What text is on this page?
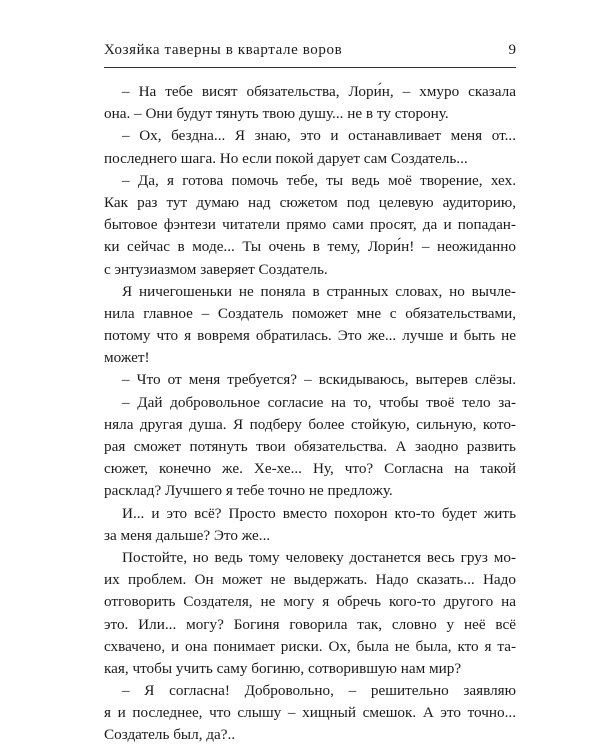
Хозяйка таверны в квартале воров	9
– На тебе висят обязательства, Лори́н, – хмуро сказала
она. – Они будут тянуть твою душу... не в ту сторону.
– Ох, бездна... Я знаю, это и останавливает меня от...
последнего шага. Но если покой дарует сам Создатель...
– Да, я готова помочь тебе, ты ведь моё творение, хех.
Как раз тут думаю над сюжетом под целевую аудиторию,
бытовое фэнтези читатели прямо сами просят, да и попадан-
ки сейчас в моде... Ты очень в тему, Лори́н! – неожиданно
с энтузиазмом заверяет Создатель.
Я ничегошеньки не поняла в странных словах, но вычле-
нила главное – Создатель поможет мне с обязательствами,
потому что я вовремя обратилась. Это же... лучше и быть не
может!
– Что от меня требуется? – вскидываюсь, вытерев слёзы.
– Дай добровольное согласие на то, чтобы твоё тело за-
няла другая душа. Я подберу более стойкую, сильную, кото-
рая сможет потянуть твои обязательства. А заодно развить
сюжет, конечно же. Хе-хе... Ну, что? Согласна на такой
расклад? Лучшего я тебе точно не предложу.
И... и это всё? Просто вместо похорон кто-то будет жить
за меня дальше? Это же...
Постойте, но ведь тому человеку достанется весь груз мо-
их проблем. Он может не выдержать. Надо сказать... Надо
отговорить Создателя, не могу я обречь кого-то другого на
это. Или... могу? Богиня говорила так, словно у неё всё
схвачено, и она понимает риски. Ох, была не была, кто я та-
кая, чтобы учить саму богиню, сотворившую нам мир?
– Я согласна! Добровольно, – решительно заявляю
я и последнее, что слышу – хищный смешок. А это точно...
Создатель был, да?..
